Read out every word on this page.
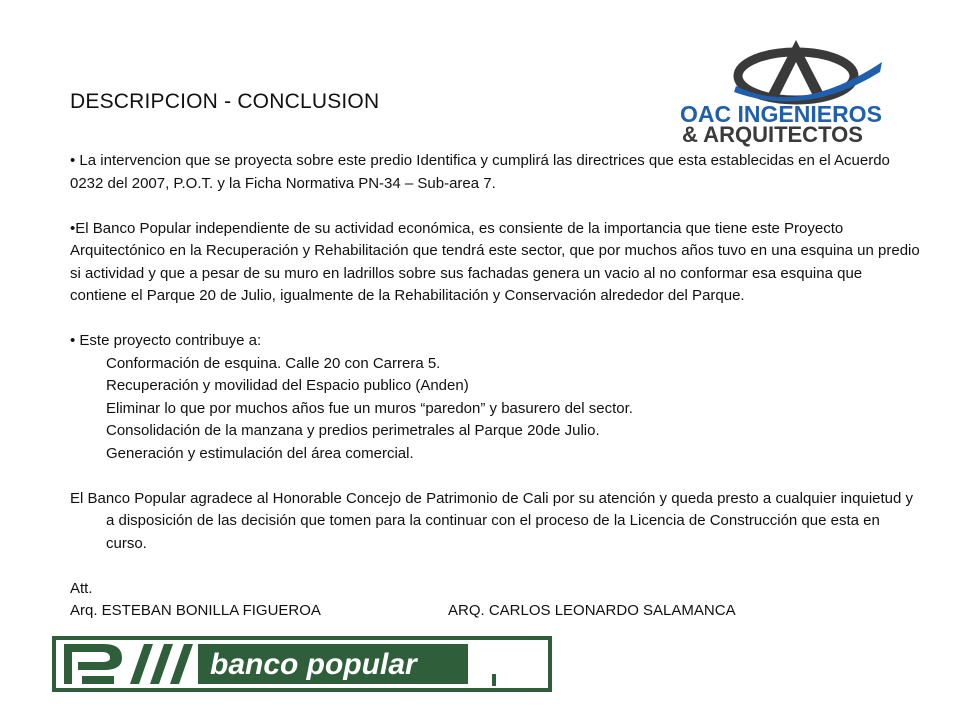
DESCRIPCION - CONCLUSION	OAC INGENIEROS
& ARQUITECTOS

• La intervencion que se proyecta sobre este predio Identifica y cumplirá las directrices que esta establecidas en el Acuerdo 0232 del 2007, P.O.T. y la Ficha Normativa PN-34 – Sub-area 7.

•El Banco Popular independiente de su actividad económica, es consiente de la importancia que tiene este Proyecto Arquitectónico en la Recuperación y Rehabilitación que tendrá este sector, que por muchos años tuvo en una esquina un predio si actividad y que a pesar de su muro en ladrillos sobre sus fachadas genera un vacio al no conformar esa esquina que contiene el Parque 20 de Julio, igualmente de la Rehabilitación y Conservación alrededor del Parque.

• Este proyecto contribuye a:

Conformación de esquina. Calle 20 con Carrera 5.

Recuperación y movilidad del Espacio publico (Anden)

Eliminar lo que por muchos años fue un muros “paredon” y basurero del sector.

Consolidación de la manzana y predios perimetrales al Parque 20de Julio.

Generación y estimulación del área comercial.

El Banco Popular agradece al Honorable Concejo de Patrimonio de Cali por su atención y queda presto a cualquier inquietud y a disposición de las decisión que tomen para la continuar con el proceso de la Licencia de Construcción que esta en curso.

Att.

Arq. ESTEBAN BONILLA FIGUEROA	ARQ. CARLOS LEONARDO SALAMANCA
banco popular
